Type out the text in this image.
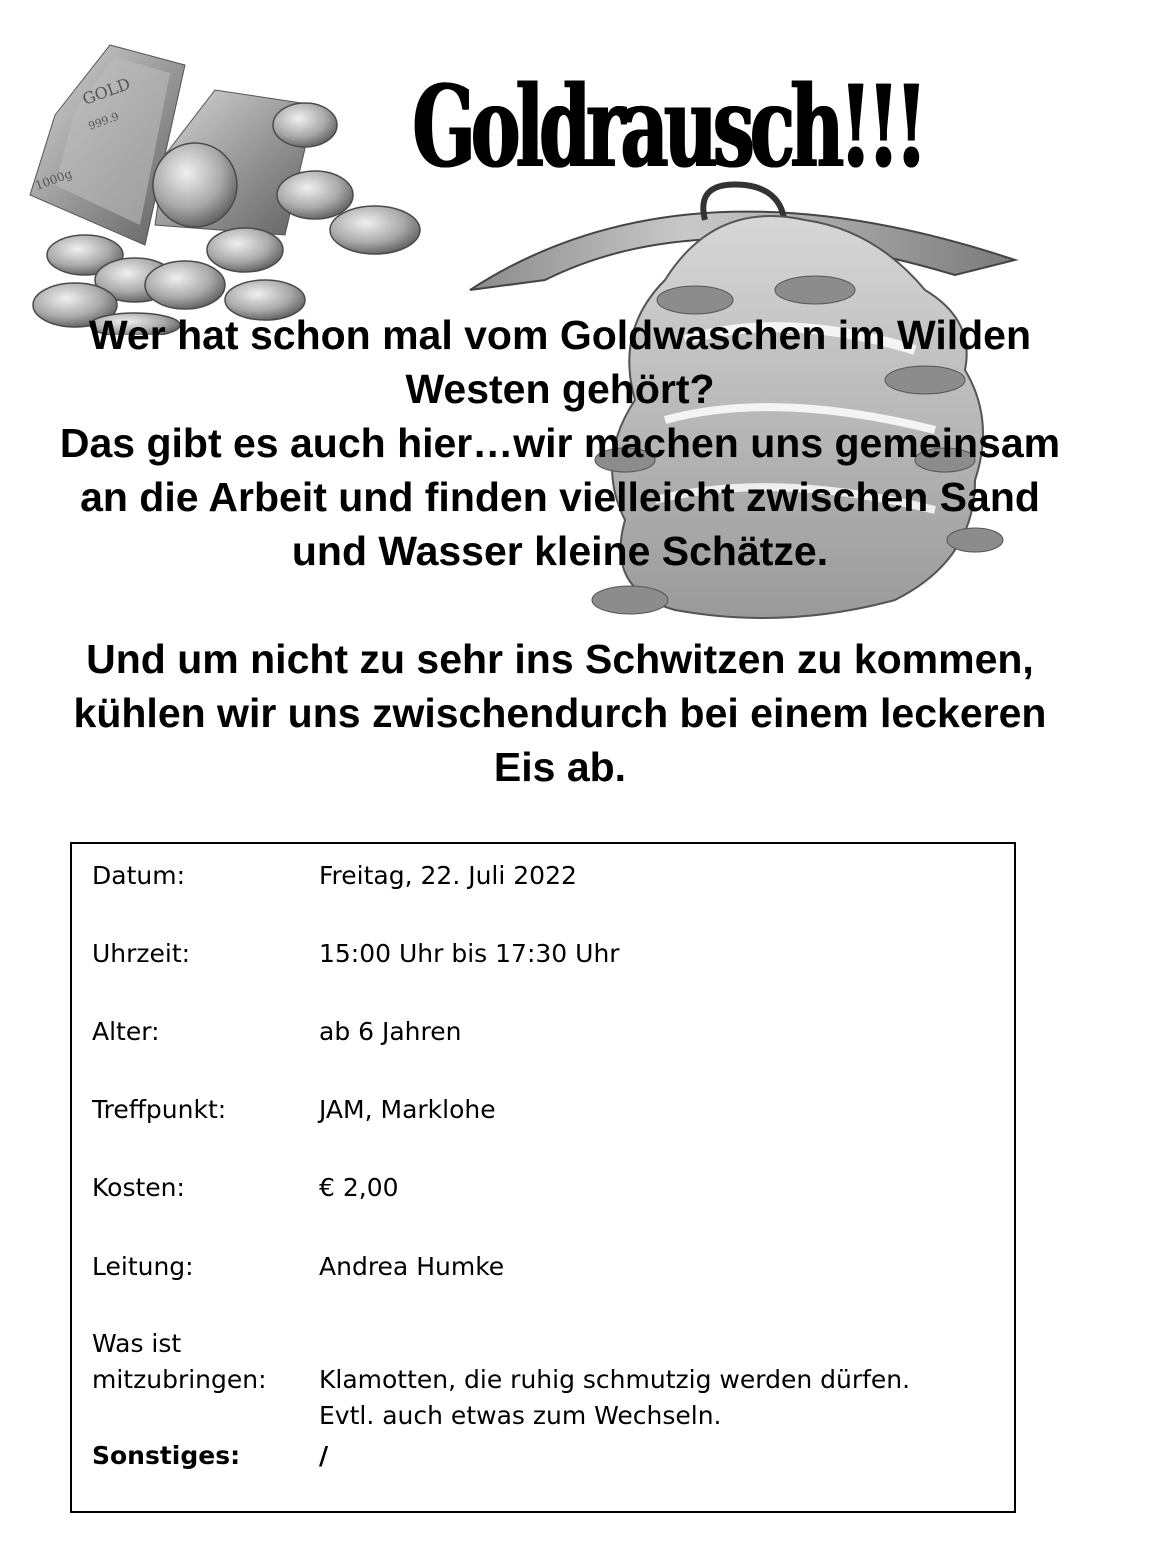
GOLD
999.9
1000g	Goldrausch!!!

Wer hat schon mal vom Goldwaschen im Wilden
Westen gehört?
Das gibt es auch hier…wir machen uns gemeinsam
an die Arbeit und finden vielleicht zwischen Sand
und Wasser kleine Schätze.

Und um nicht zu sehr ins Schwitzen zu kommen,
kühlen wir uns zwischendurch bei einem leckeren
Eis ab.

Datum:	Freitag, 22. Juli 2022
Uhrzeit:	15:00 Uhr bis 17:30 Uhr
Alter:	ab 6 Jahren
Treffpunkt:	JAM, Marklohe
Kosten:	€ 2,00
Leitung:	Andrea Humke
Was ist
mitzubringen:	Klamotten, die ruhig schmutzig werden dürfen.
Evtl. auch etwas zum Wechseln.
Sonstiges:	/
